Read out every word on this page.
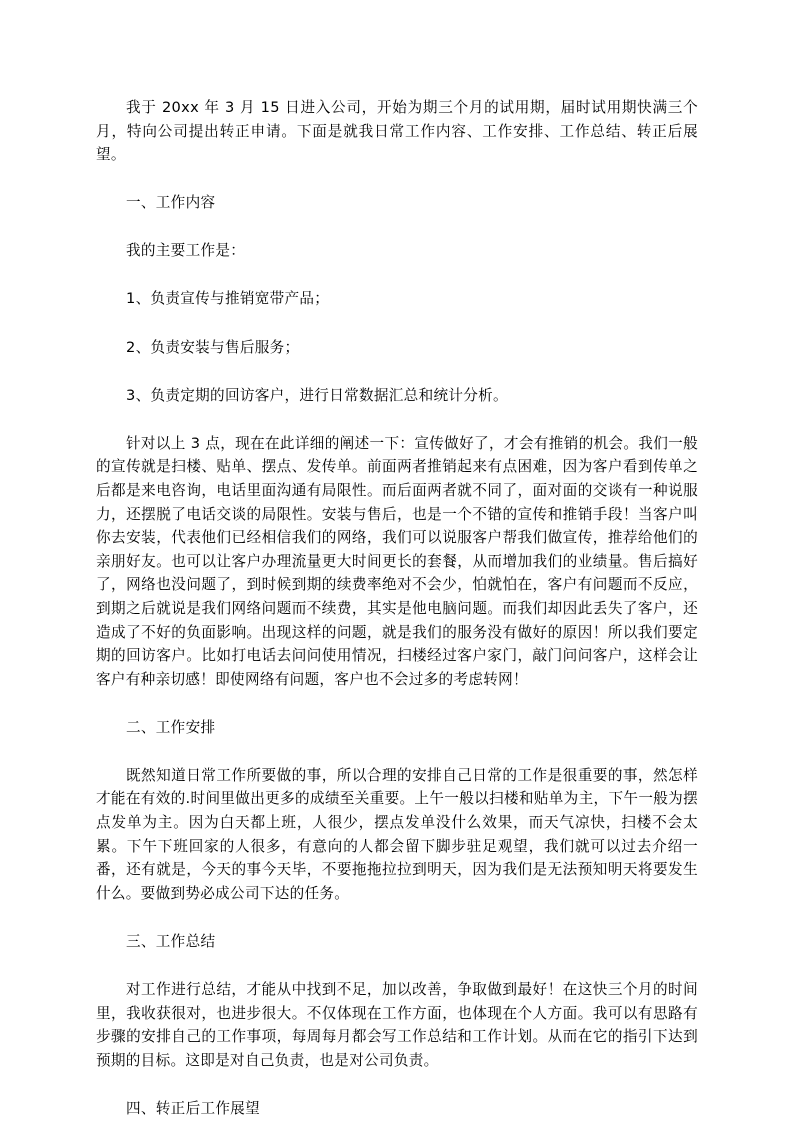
我于 20xx 年 3 月 15 日进入公司，开始为期三个月的试用期，届时试用期快满三个月，特向公司提出转正申请。下面是就我日常工作内容、工作安排、工作总结、转正后展望。

一、工作内容

我的主要工作是：

1、负责宣传与推销宽带产品；

2、负责安装与售后服务；

3、负责定期的回访客户，进行日常数据汇总和统计分析。

针对以上 3 点，现在在此详细的阐述一下：宣传做好了，才会有推销的机会。我们一般的宣传就是扫楼、贴单、摆点、发传单。前面两者推销起来有点困难，因为客户看到传单之后都是来电咨询，电话里面沟通有局限性。而后面两者就不同了，面对面的交谈有一种说服力，还摆脱了电话交谈的局限性。安装与售后，也是一个不错的宣传和推销手段！当客户叫你去安装，代表他们已经相信我们的网络，我们可以说服客户帮我们做宣传，推荐给他们的亲朋好友。也可以让客户办理流量更大时间更长的套餐，从而增加我们的业绩量。售后搞好了，网络也没问题了，到时候到期的续费率绝对不会少，怕就怕在，客户有问题而不反应，到期之后就说是我们网络问题而不续费，其实是他电脑问题。而我们却因此丢失了客户，还造成了不好的负面影响。出现这样的问题，就是我们的服务没有做好的原因！所以我们要定期的回访客户。比如打电话去问问使用情况，扫楼经过客户家门，敲门问问客户，这样会让客户有种亲切感！即使网络有问题，客户也不会过多的考虑转网！

二、工作安排

既然知道日常工作所要做的事，所以合理的安排自己日常的工作是很重要的事，然怎样才能在有效的.时间里做出更多的成绩至关重要。上午一般以扫楼和贴单为主，下午一般为摆点发单为主。因为白天都上班，人很少，摆点发单没什么效果，而天气凉快，扫楼不会太累。下午下班回家的人很多，有意向的人都会留下脚步驻足观望，我们就可以过去介绍一番，还有就是，今天的事今天毕，不要拖拖拉拉到明天，因为我们是无法预知明天将要发生什么。要做到势必成公司下达的任务。

三、工作总结

对工作进行总结，才能从中找到不足，加以改善，争取做到最好！在这快三个月的时间里，我收获很对，也进步很大。不仅体现在工作方面，也体现在个人方面。我可以有思路有步骤的安排自己的工作事项，每周每月都会写工作总结和工作计划。从而在它的指引下达到预期的目标。这即是对自己负责，也是对公司负责。

四、转正后工作展望
